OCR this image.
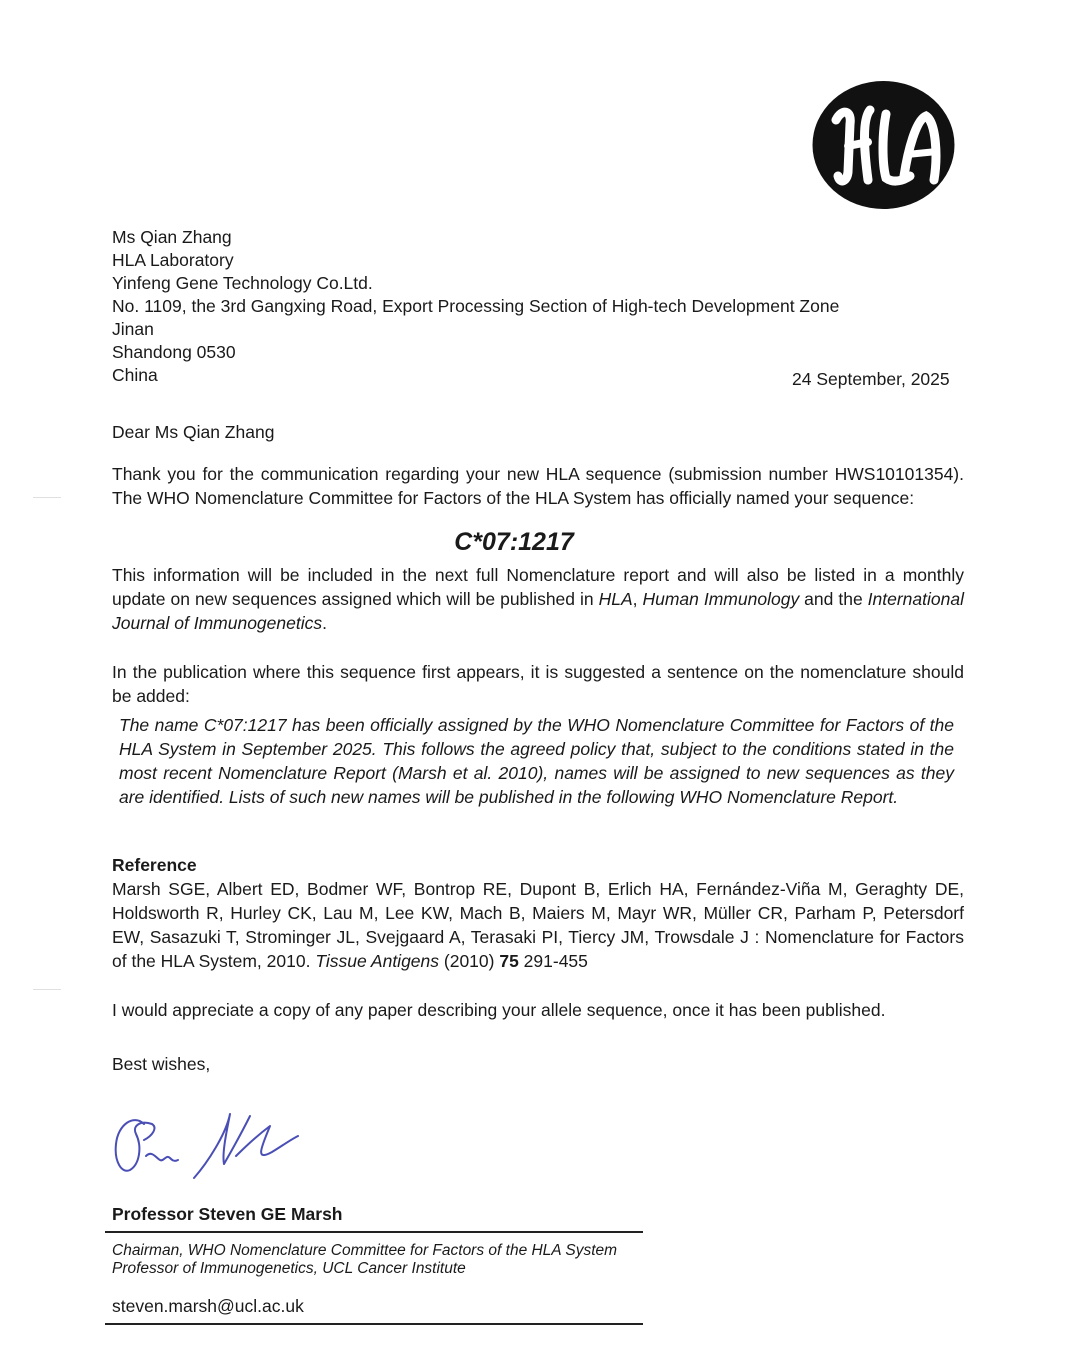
Ms Qian Zhang
HLA Laboratory
Yinfeng Gene Technology Co.Ltd.
No. 1109, the 3rd Gangxing Road, Export Processing Section of High-tech Development Zone
Jinan
Shandong 0530
China	24 September, 2025
Dear Ms Qian Zhang
Thank you for the communication regarding your new HLA sequence (submission number HWS10101354). The WHO Nomenclature Committee for Factors of the HLA System has officially named your sequence:
C*07:1217
This information will be included in the next full Nomenclature report and will also be listed in a monthly update on new sequences assigned which will be published in HLA, Human Immunology and the International Journal of Immunogenetics.
In the publication where this sequence first appears, it is suggested a sentence on the nomenclature should be added:
The name C*07:1217 has been officially assigned by the WHO Nomenclature Committee for Factors of the HLA System in September 2025. This follows the agreed policy that, subject to the conditions stated in the most recent Nomenclature Report (Marsh et al. 2010), names will be assigned to new sequences as they are identified. Lists of such new names will be published in the following WHO Nomenclature Report.
Reference
Marsh SGE, Albert ED, Bodmer WF, Bontrop RE, Dupont B, Erlich HA, Fernández-Viña M, Geraghty DE, Holdsworth R, Hurley CK, Lau M, Lee KW, Mach B, Maiers M, Mayr WR, Müller CR, Parham P, Petersdorf EW, Sasazuki T, Strominger JL, Svejgaard A, Terasaki PI, Tiercy JM, Trowsdale J : Nomenclature for Factors of the HLA System, 2010. Tissue Antigens (2010) 75 291-455
I would appreciate a copy of any paper describing your allele sequence, once it has been published.
Best wishes,
Professor Steven GE Marsh
Chairman, WHO Nomenclature Committee for Factors of the HLA System
Professor of Immunogenetics, UCL Cancer Institute
steven.marsh@ucl.ac.uk
